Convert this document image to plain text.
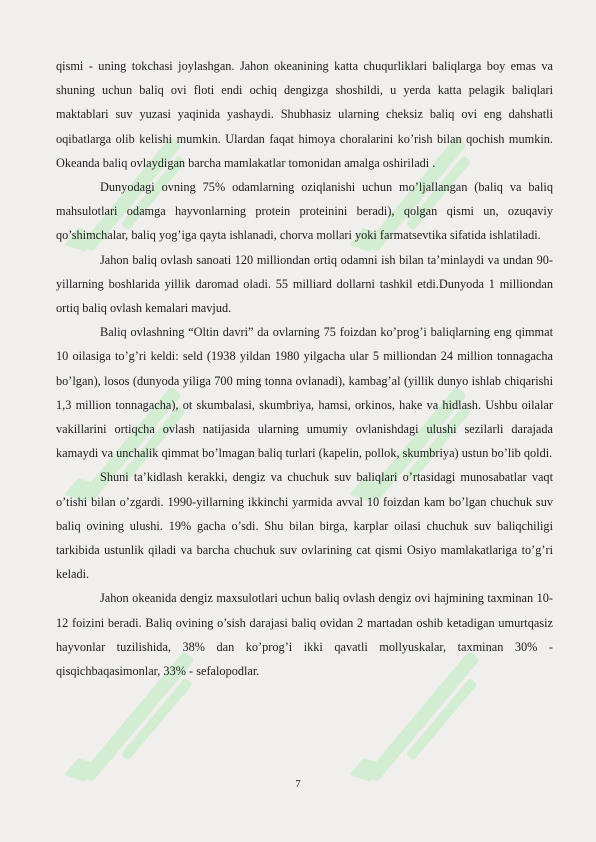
qismi - uning tokchasi joylashgan. Jahon okeanining katta chuqurliklari baliqlarga boy emas va shuning uchun baliq ovi floti endi ochiq dengizga shoshildi, u yerda katta pelagik baliqlari maktablari suv yuzasi yaqinida yashaydi. Shubhasiz ularning cheksiz baliq ovi eng dahshatli oqibatlarga olib kelishi mumkin. Ulardan faqat himoya choralarini ko’rish bilan qochish mumkin. Okeanda baliq ovlaydigan barcha mamlakatlar tomonidan amalga oshiriladi .

Dunyodagi ovning 75% odamlarning oziqlanishi uchun mo’ljallangan (baliq va baliq mahsulotlari odamga hayvonlarning protein proteinini beradi), qolgan qismi un, ozuqaviy qo’shimchalar, baliq yog’iga qayta ishlanadi, chorva mollari yoki farmatsevtika sifatida ishlatiladi.

Jahon baliq ovlash sanoati 120 milliondan ortiq odamni ish bilan ta’minlaydi va undan 90-yillarning boshlarida yillik daromad oladi. 55 milliard dollarni tashkil etdi.Dunyoda 1 milliondan ortiq baliq ovlash kemalari mavjud.

Baliq ovlashning “Oltin davri” da ovlarning 75 foizdan ko’prog’i baliqlarning eng qimmat 10 oilasiga to’g’ri keldi: seld (1938 yildan 1980 yilgacha ular 5 milliondan 24 million tonnagacha bo’lgan), losos (dunyoda yiliga 700 ming tonna ovlanadi), kambag’al (yillik dunyo ishlab chiqarishi 1,3 million tonnagacha), ot skumbalasi, skumbriya, hamsi, orkinos, hake va hidlash. Ushbu oilalar vakillarini ortiqcha ovlash natijasida ularning umumiy ovlanishdagi ulushi sezilarli darajada kamaydi va unchalik qimmat bo’lmagan baliq turlari (kapelin, pollok, skumbriya) ustun bo’lib qoldi.

Shuni ta’kidlash kerakki, dengiz va chuchuk suv baliqlari o’rtasidagi munosabatlar vaqt o’tishi bilan o’zgardi. 1990-yillarning ikkinchi yarmida avval 10 foizdan kam bo’lgan chuchuk suv baliq ovining ulushi. 19% gacha o’sdi. Shu bilan birga, karplar oilasi chuchuk suv baliqchiligi tarkibida ustunlik qiladi va barcha chuchuk suv ovlarining cat qismi Osiyo mamlakatlariga to’g’ri keladi.

Jahon okeanida dengiz maxsulotlari uchun baliq ovlash dengiz ovi hajmining taxminan 10-12 foizini beradi. Baliq ovining o’sish darajasi baliq ovidan 2 martadan oshib ketadigan umurtqasiz hayvonlar tuzilishida, 38% dan ko’prog’i ikki qavatli mollyuskalar, taxminan 30% - qisqichbaqasimonlar, 33% - sefalopodlar.

7
